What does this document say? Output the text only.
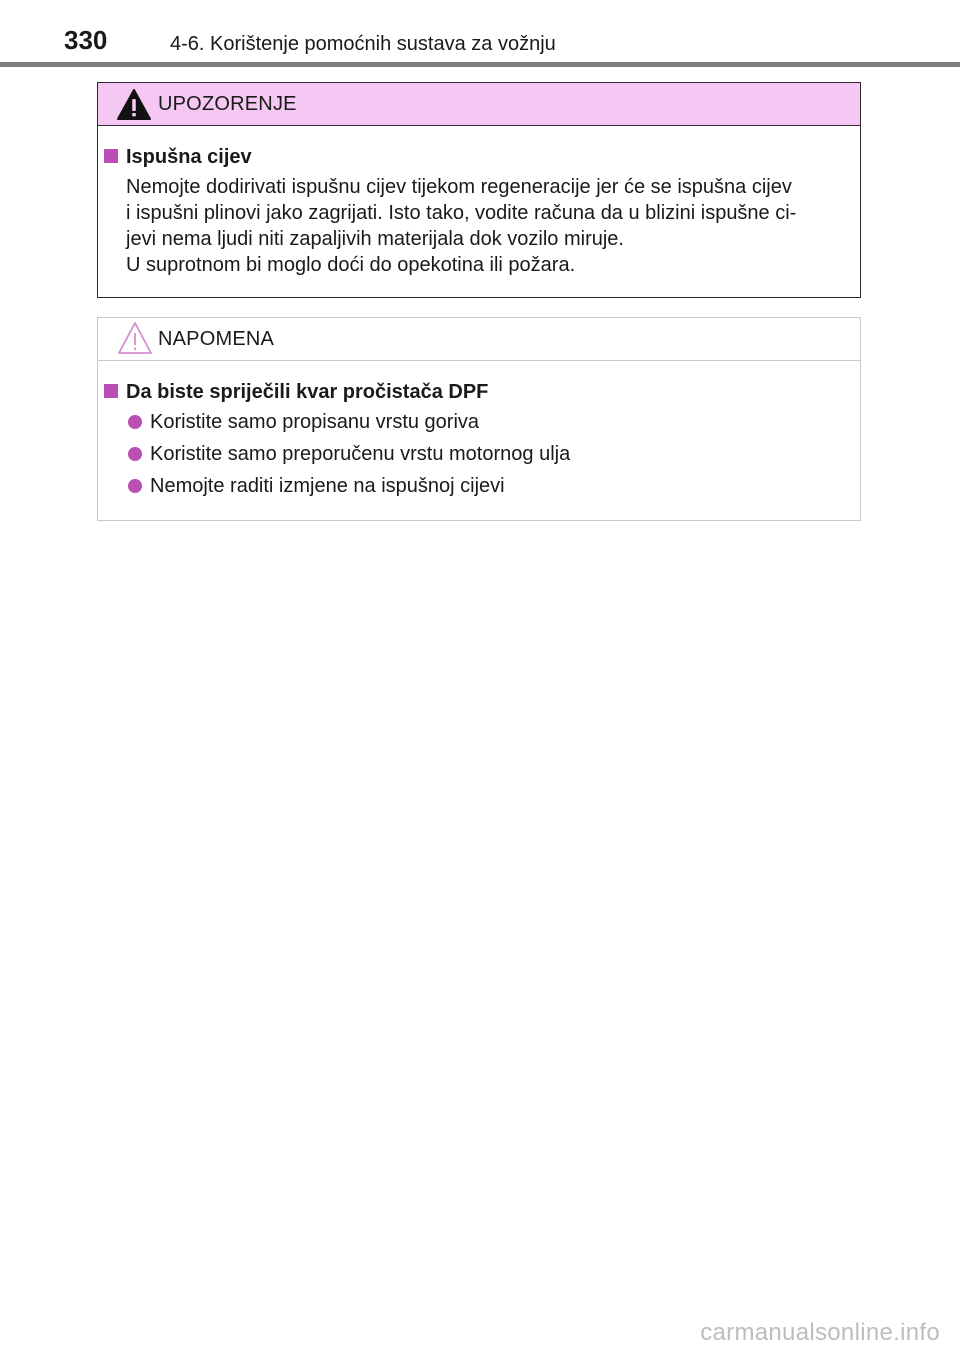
330	4-6. Korištenje pomoćnih sustava za vožnju
UPOZORENJE
Ispušna cijev
Nemojte dodirivati ispušnu cijev tijekom regeneracije jer će se ispušna cijev
i ispušni plinovi jako zagrijati. Isto tako, vodite računa da u blizini ispušne ci-
jevi nema ljudi niti zapaljivih materijala dok vozilo miruje.
U suprotnom bi moglo doći do opekotina ili požara.
NAPOMENA
Da biste spriječili kvar pročistača DPF
Koristite samo propisanu vrstu goriva
Koristite samo preporučenu vrstu motornog ulja
Nemojte raditi izmjene na ispušnoj cijevi
carmanualsonline.info
